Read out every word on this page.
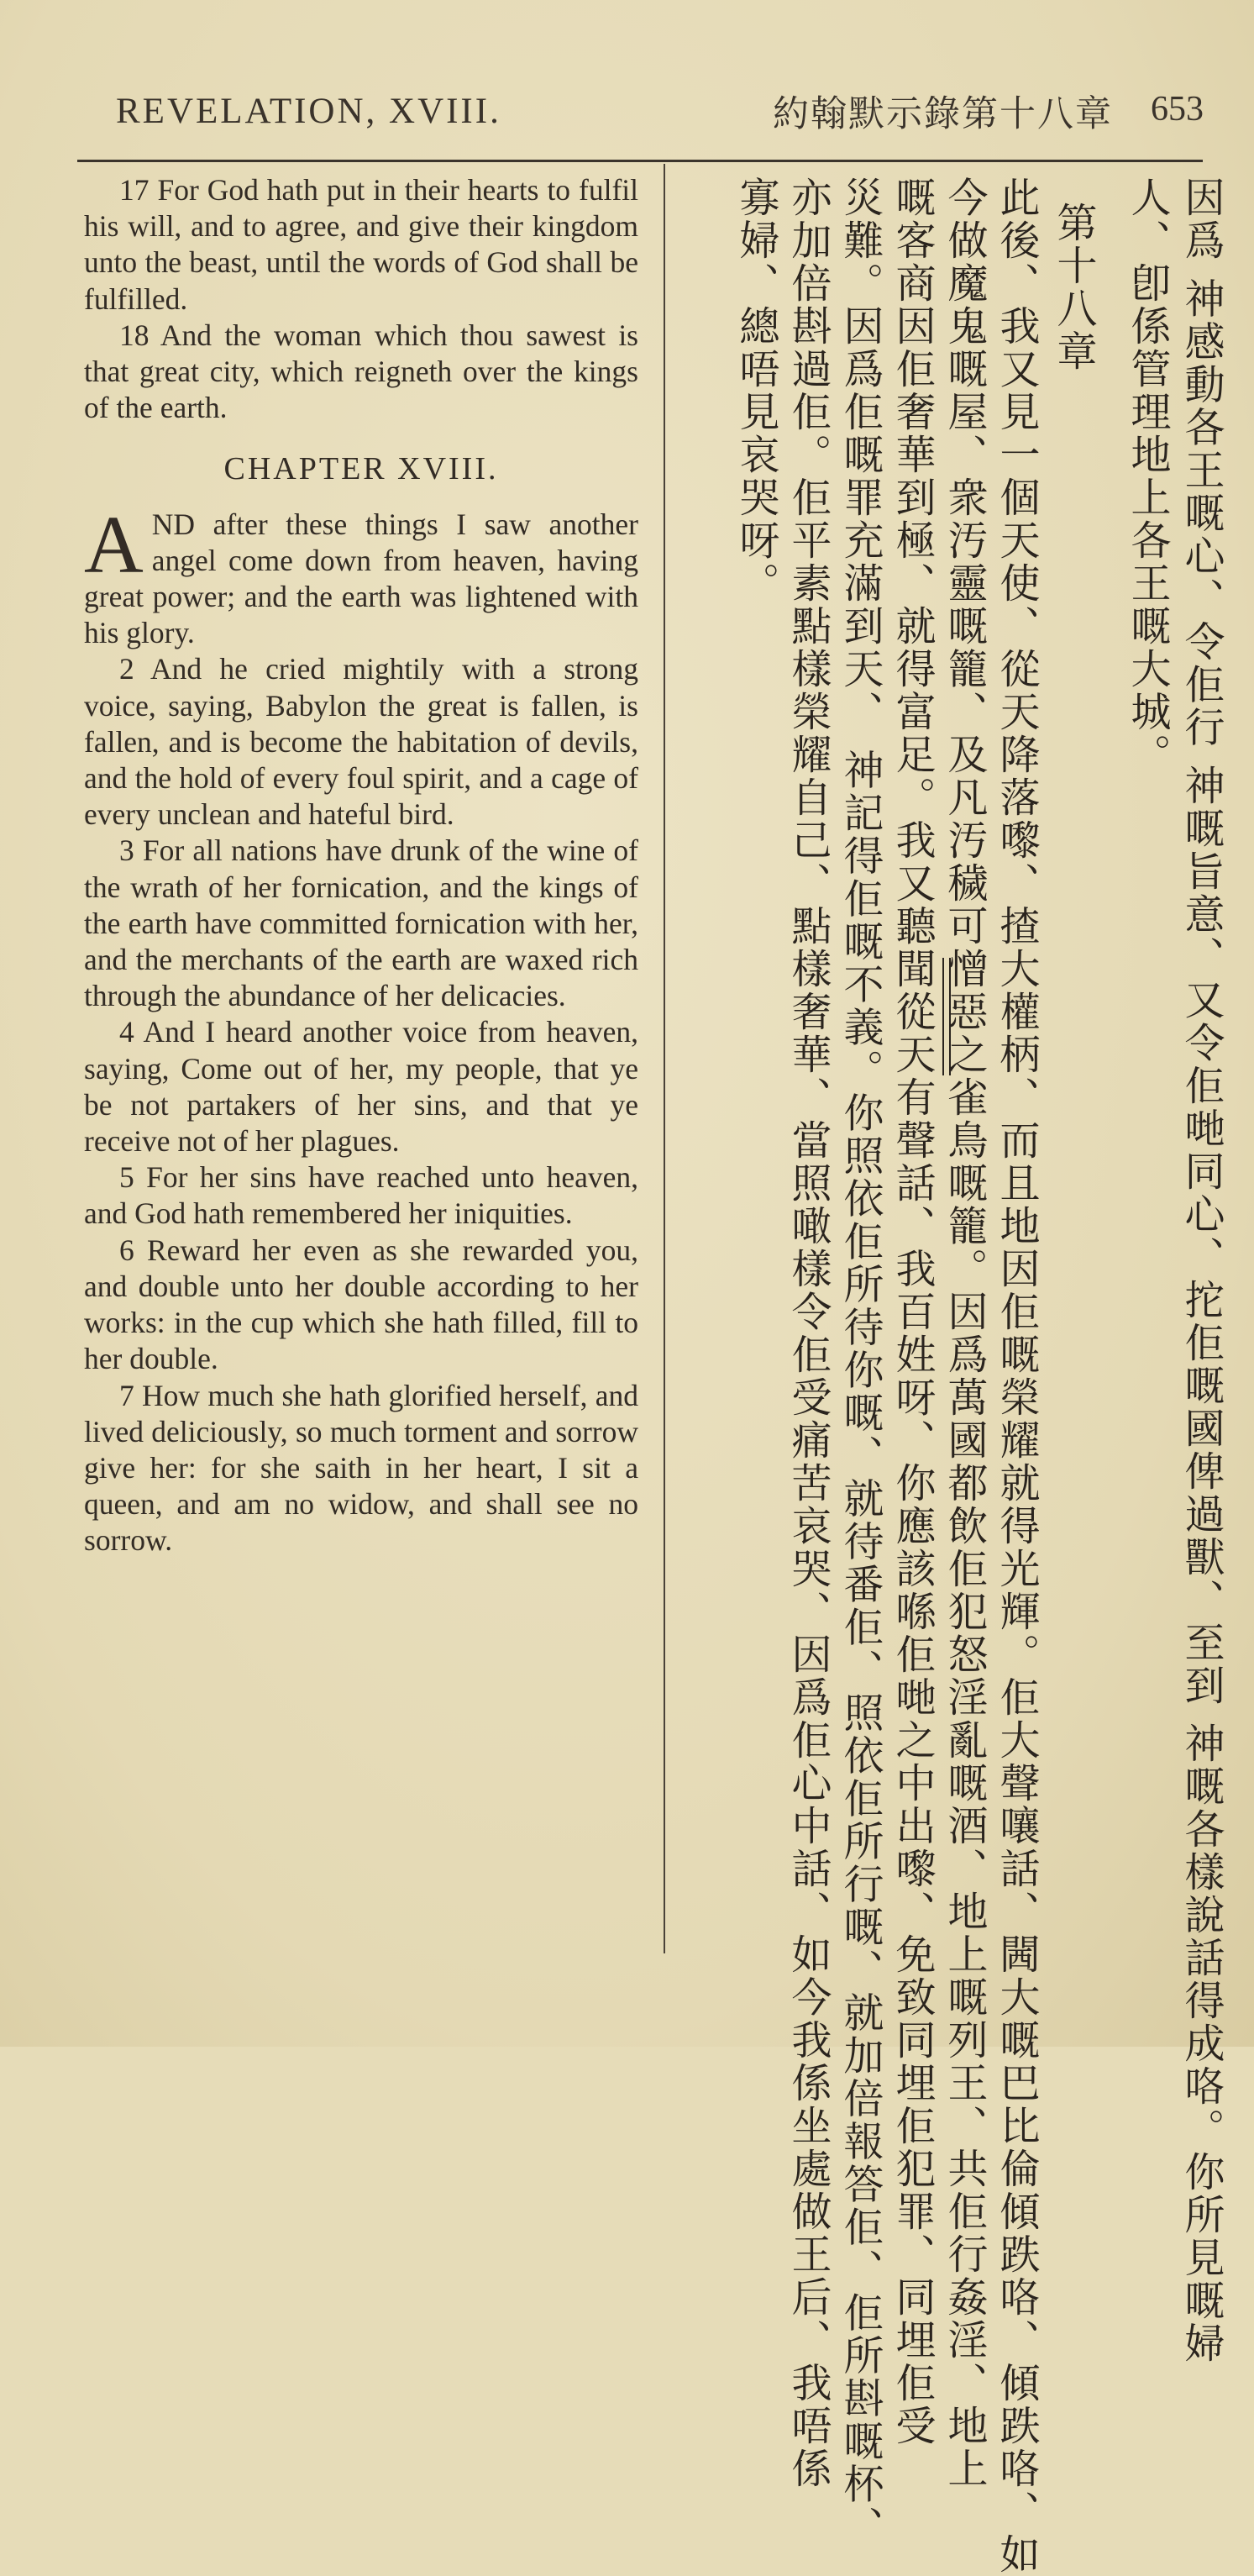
REVELATION, XVIII.	約翰默示錄第十八章 653

17 For God hath put in their hearts to fulfil his will, and to agree, and give their kingdom unto the beast, until the words of God shall be fulfilled.

18 And the woman which thou sawest is that great city, which reigneth over the kings of the earth.

CHAPTER XVIII.

A ND after these things I saw another angel come down from heaven, having great power; and the earth was lightened with his glory.

2 And he cried mightily with a strong voice, saying, Babylon the great is fallen, is fallen, and is become the habitation of devils, and the hold of every foul spirit, and a cage of every unclean and hateful bird.

3 For all nations have drunk of the wine of the wrath of her fornication, and the kings of the earth have committed fornication with her, and the merchants of the earth are waxed rich through the abundance of her delicacies.

4 And I heard another voice from heaven, saying, Come out of her, my people, that ye be not partakers of her sins, and that ye receive not of her plagues.

5 For her sins have reached unto heaven, and God hath remembered her iniquities.

6 Reward her even as she rewarded you, and double unto her double according to her works: in the cup which she hath filled, fill to her double.

7 How much she hath glorified herself, and lived deliciously, so much torment and sorrow give her: for she saith in her heart, I sit a queen, and am no widow, and shall see no sorrow.	因爲 神感動各王嘅心、令佢行 神嘅旨意、又令佢哋同心、拕佢嘅國俾過獸、至到 神嘅各樣說話得成咯。你所見嘅婦
人、卽係管理地上各王嘅大城。
第十八章
此後、我又見一個天使、從天降落嚟、揸大權柄、而且地因佢嘅榮耀就得光輝。佢大聲嚷話、閪大嘅巴比倫傾跌咯、傾跌咯、如
今做魔鬼嘅屋、衆汚靈嘅籠、及凡汚穢可憎惡之雀鳥嘅籠。因爲萬國都飲佢犯怒淫亂嘅酒、地上嘅列王、共佢行姦淫、地上
嘅客商因佢奢華到極、就得富足。我又聽聞從天有聲話、我百姓呀、你應該喺佢哋之中出嚟、免致同埋佢犯罪、同埋佢受
災難。因爲佢嘅罪充滿到天、 神記得佢嘅不義。你照依佢所待你嘅、就待番佢、照依佢所行嘅、就加倍報答佢、佢所斟嘅杯、
亦加倍斟過佢。佢平素點樣榮耀自己、點樣奢華、當照噉樣令佢受痛苦哀哭、因爲佢心中話、如今我係坐處做王后、我唔係
寡婦、總唔見哀哭呀。
